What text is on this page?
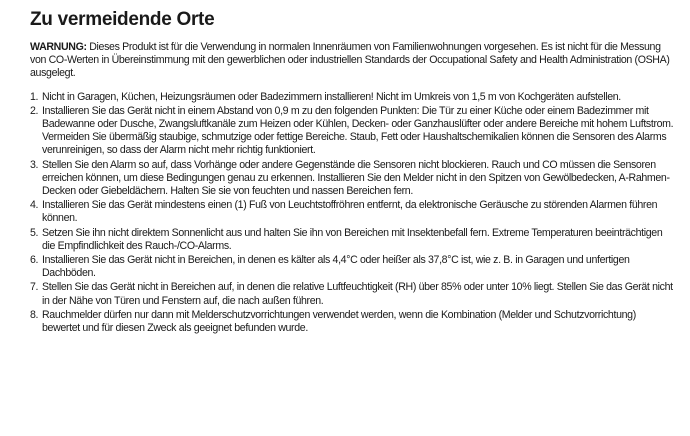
Zu vermeidende Orte

WARNUNG: Dieses Produkt ist für die Verwendung in normalen Innenräumen von Familienwohnungen vorgesehen. Es ist nicht für die Messung von CO-Werten in Übereinstimmung mit den gewerblichen oder industriellen Standards der Occupational Safety and Health Administration (OSHA) ausgelegt.

1. Nicht in Garagen, Küchen, Heizungsräumen oder Badezimmern installieren! Nicht im Umkreis von 1,5 m von Kochgeräten aufstellen.
2. Installieren Sie das Gerät nicht in einem Abstand von 0,9 m zu den folgenden Punkten: Die Tür zu einer Küche oder einem Badezimmer mit Badewanne oder Dusche, Zwangsluftkanäle zum Heizen oder Kühlen, Decken- oder Ganzhauslüfter oder andere Bereiche mit hohem Luftstrom. Vermeiden Sie übermäßig staubige, schmutzige oder fettige Bereiche. Staub, Fett oder Haushaltschemikalien können die Sensoren des Alarms verunreinigen, so dass der Alarm nicht mehr richtig funktioniert.
3. Stellen Sie den Alarm so auf, dass Vorhänge oder andere Gegenstände die Sensoren nicht blockieren. Rauch und CO müssen die Sensoren erreichen können, um diese Bedingungen genau zu erkennen. Installieren Sie den Melder nicht in den Spitzen von Gewölbedecken, A-Rahmen-Decken oder Giebeldächern. Halten Sie sie von feuchten und nassen Bereichen fern.
4. Installieren Sie das Gerät mindestens einen (1) Fuß von Leuchtstoffröhren entfernt, da elektronische Geräusche zu störenden Alarmen führen können.
5. Setzen Sie ihn nicht direktem Sonnenlicht aus und halten Sie ihn von Bereichen mit Insektenbefall fern. Extreme Temperaturen beeinträchtigen die Empfindlichkeit des Rauch-/CO-Alarms.
6. Installieren Sie das Gerät nicht in Bereichen, in denen es kälter als 4,4°C oder heißer als 37,8°C ist, wie z. B. in Garagen und unfertigen Dachböden.
7. Stellen Sie das Gerät nicht in Bereichen auf, in denen die relative Luftfeuchtigkeit (RH) über 85% oder unter 10% liegt. Stellen Sie das Gerät nicht in der Nähe von Türen und Fenstern auf, die nach außen führen.
8. Rauchmelder dürfen nur dann mit Melderschutzvorrichtungen verwendet werden, wenn die Kombination (Melder und Schutzvorrichtung) bewertet und für diesen Zweck als geeignet befunden wurde.
